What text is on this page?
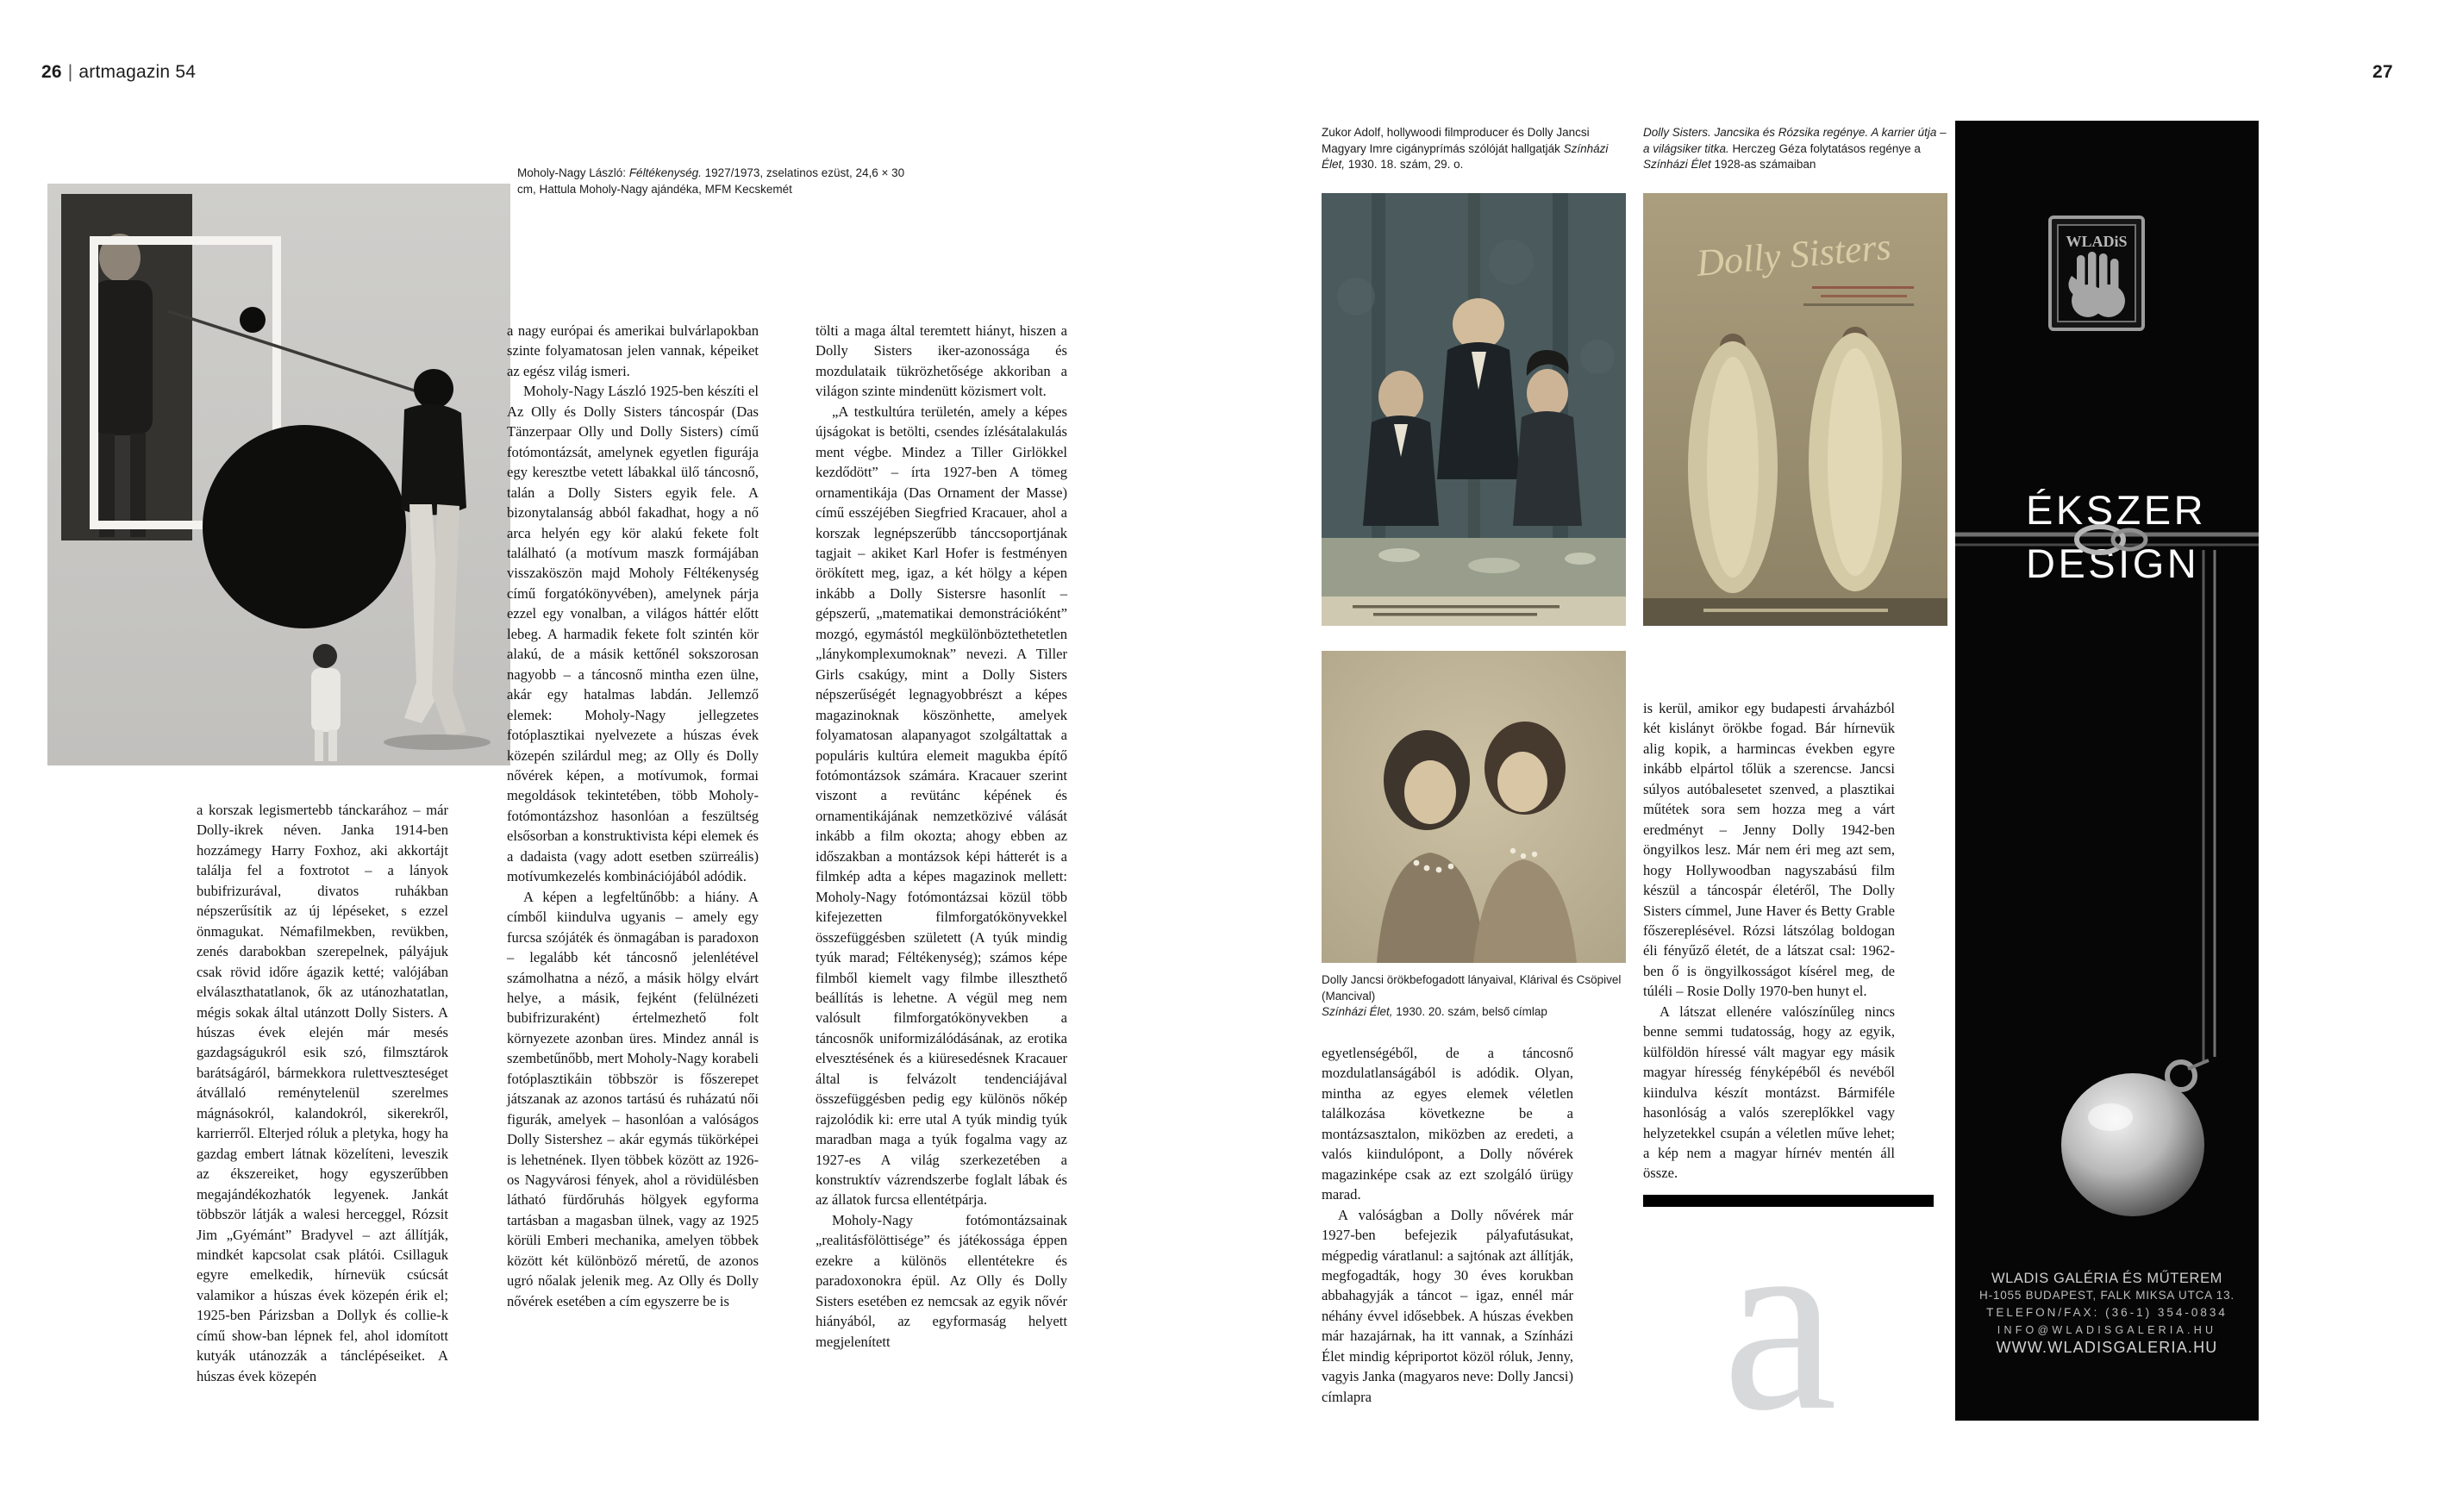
26 | artmagazin 54	27
Moholy-Nagy László: Féltékenység. 1927/1973, zselatinos ezüst, 24,6 × 30 cm, Hattula Moholy-Nagy ajándéka, MFM Kecskemét

a korszak legismertebb tánckarához – már Dolly-ikrek néven. Janka 1914-ben hozzámegy Harry Foxhoz, aki akkortájt találja fel a foxtrotot – a lányok bubifrizurával, divatos ruhákban népszerűsítik az új lépéseket, s ezzel önmagukat. Némafilmekben, revükben, zenés darabokban szerepelnek, pályájuk csak rövid időre ágazik ketté; valójában elválaszthatatlanok, ők az utánozhatatlan, mégis sokak által utánzott Dolly Sisters. A húszas évek elején már mesés gazdagságukról esik szó, filmsztárok barátságáról, bármekkora rulettveszteséget átvállaló reménytelenül szerelmes mágnásokról, kalandokról, sikerekről, karrierről. Elterjed róluk a pletyka, hogy ha gazdag embert látnak közelíteni, leveszik az ékszereiket, hogy egyszerűbben megajándékozhatók legyenek. Jankát többször látják a walesi herceggel, Rózsit Jim „Gyémánt” Bradyvel – azt állítják, mindkét kapcsolat csak plátói. Csillaguk egyre emelkedik, hírnevük csúcsát valamikor a húszas évek közepén érik el; 1925-ben Párizsban a Dollyk és collie-k című show-ban lépnek fel, ahol idomított kutyák utánozzák a tánclépéseiket. A húszas évek közepén

a nagy európai és amerikai bulvárlapokban szinte folyamatosan jelen vannak, képeiket az egész világ ismeri.

Moholy-Nagy László 1925-ben készíti el Az Olly és Dolly Sisters táncospár (Das Tänzerpaar Olly und Dolly Sisters) című fotómontázsát, amelynek egyetlen figurája egy keresztbe vetett lábakkal ülő táncosnő, talán a Dolly Sisters egyik fele. A bizonytalanság abból fakadhat, hogy a nő arca helyén egy kör alakú fekete folt található (a motívum maszk formájában visszaköszön majd Moholy Féltékenység című forgatókönyvében), amelynek párja ezzel egy vonalban, a világos háttér előtt lebeg. A harmadik fekete folt szintén kör alakú, de a másik kettőnél sokszorosan nagyobb – a táncosnő mintha ezen ülne, akár egy hatalmas labdán. Jellemző elemek: Moholy-Nagy jellegzetes fotóplasztikai nyelvezete a húszas évek közepén szilárdul meg; az Olly és Dolly nővérek képen, a motívumok, formai megoldások tekintetében, több Moholy-fotómontázshoz hasonlóan a feszültség elsősorban a konstruktivista képi elemek és a dadaista (vagy adott esetben szürreális) motívumkezelés kombinációjából adódik.

A képen a legfeltűnőbb: a hiány. A címből kiindulva ugyanis – amely egy furcsa szójáték és önmagában is paradoxon – legalább két táncosnő jelenlétével számolhatna a néző, a másik hölgy elvárt helye, a másik, fejként (felülnézeti bubifrizuraként) értelmezhető folt környezete azonban üres. Mindez annál is szembetűnőbb, mert Moholy-Nagy korabeli fotóplasztikáin többször is főszerepet játszanak az azonos tartású és ruházatú női figurák, amelyek – hasonlóan a valóságos Dolly Sistershez – akár egymás tükörképei is lehetnének. Ilyen többek között az 1926-os Nagyvárosi fények, ahol a rövidülésben látható fürdőruhás hölgyek egyforma tartásban a magasban ülnek, vagy az 1925 körüli Emberi mechanika, amelyen többek között két különböző méretű, de azonos ugró nőalak jelenik meg. Az Olly és Dolly nővérek esetében a cím egyszerre be is

tölti a maga által teremtett hiányt, hiszen a Dolly Sisters iker-azonossága és mozdulataik tükrözhetősége akkoriban a világon szinte mindenütt közismert volt.

„A testkultúra területén, amely a képes újságokat is betölti, csendes ízlésátalakulás ment végbe. Mindez a Tiller Girlökkel kezdődött” – írta 1927-ben A tömeg ornamentikája (Das Ornament der Masse) című esszéjében Siegfried Kracauer, ahol a korszak legnépszerűbb tánccsoportjának tagjait – akiket Karl Hofer is festményen örökített meg, igaz, a két hölgy a képen inkább a Dolly Sistersre hasonlít – gépszerű, „matematikai demonstrációként” mozgó, egymástól megkülönböztethetetlen „lánykomplexumoknak” nevezi. A Tiller Girls csakúgy, mint a Dolly Sisters népszerűségét legnagyobbrészt a képes magazinoknak köszönhette, amelyek folyamatosan alapanyagot szolgáltattak a populáris kultúra elemeit magukba építő fotómontázsok számára. Kracauer szerint viszont a revütánc képének és ornamentikájának nemzetközivé válását inkább a film okozta; ahogy ebben az időszakban a montázsok képi hátterét is a filmkép adta a képes magazinok mellett: Moholy-Nagy fotómontázsai közül több kifejezetten filmforgatókönyvekkel összefüggésben született (A tyúk mindig tyúk marad; Féltékenység); számos képe filmből kiemelt vagy filmbe illeszthető beállítás is lehetne. A végül meg nem valósult filmforgatókönyvekben a táncosnők uniformizálódásának, az erotika elvesztésének és a kiüresedésnek Kracauer által is felvázolt tendenciájával összefüggésben pedig egy különös nőkép rajzolódik ki: erre utal A tyúk mindig tyúk maradban maga a tyúk fogalma vagy az 1927-es A világ szerkezetében a konstruktív vázrendszerbe foglalt lábak és az állatok furcsa ellentétpárja.

Moholy-Nagy fotómontázsainak „realitásfölöttisége” és játékossága éppen ezekre a különös ellentétekre és paradoxonokra épül. Az Olly és Dolly Sisters esetében ez nemcsak az egyik nővér hiányából, az egyformaság helyett megjelenített

Zukor Adolf, hollywoodi filmproducer és Dolly Jancsi Magyary Imre cigányprímás szólóját hallgatják Színházi Élet, 1930. 18. szám, 29. o.
Dolly Sisters. Jancsika és Rózsika regénye. A karrier útja – a világsiker titka. Herczeg Géza folytatásos regénye a Színházi Élet 1928-as számaiban
Dolly Sisters
Dolly Jancsi örökbefogadott lányaival, Klárival és Csöpivel (Mancival)
Színházi Élet, 1930. 20. szám, belső címlap

egyetlenségéből, de a táncosnő mozdulatlanságából is adódik. Olyan, mintha az egyes elemek véletlen találkozása következne be a montázsasztalon, miközben az eredeti, a valós kiindulópont, a Dolly nővérek magazinképe csak az ezt szolgáló ürügy marad.

A valóságban a Dolly nővérek már 1927-ben befejezik pályafutásukat, mégpedig váratlanul: a sajtónak azt állítják, megfogadták, hogy 30 éves korukban abbahagyják a táncot – igaz, ennél már néhány évvel idősebbek. A húszas években már hazajárnak, ha itt vannak, a Színházi Élet mindig képriportot közöl róluk, Jenny, vagyis Janka (magyaros neve: Dolly Jancsi) címlapra

is kerül, amikor egy budapesti árvaházból két kislányt örökbe fogad. Bár hírnevük alig kopik, a harmincas években egyre inkább elpártol tőlük a szerencse. Jancsi súlyos autóbalesetet szenved, a plasztikai műtétek sora sem hozza meg a várt eredményt – Jenny Dolly 1942-ben öngyilkos lesz. Már nem éri meg azt sem, hogy Hollywoodban nagyszabású film készül a táncospár életéről, The Dolly Sisters címmel, June Haver és Betty Grable főszereplésével. Rózsi látszólag boldogan éli fényűző életét, de a látszat csal: 1962-ben ő is öngyilkosságot kísérel meg, de túléli – Rosie Dolly 1970-ben hunyt el.

A látszat ellenére valószínűleg nincs benne semmi tudatosság, hogy az egyik, külföldön híressé vált magyar egy másik magyar híresség fényképéből és nevéből kiindulva készít montázst. Bármiféle hasonlóság a valós szereplőkkel vagy helyzetekkel csupán a véletlen műve lehet; a kép nem a magyar hírnév mentén áll össze.

a
WLADiS
ÉKSZER
DESIGN
WLADIS GALÉRIA ÉS MŰTEREM
H-1055 BUDAPEST, FALK MIKSA UTCA 13.
TELEFON/FAX: (36-1) 354-0834
INFO@WLADISGALERIA.HU
WWW.WLADISGALERIA.HU
